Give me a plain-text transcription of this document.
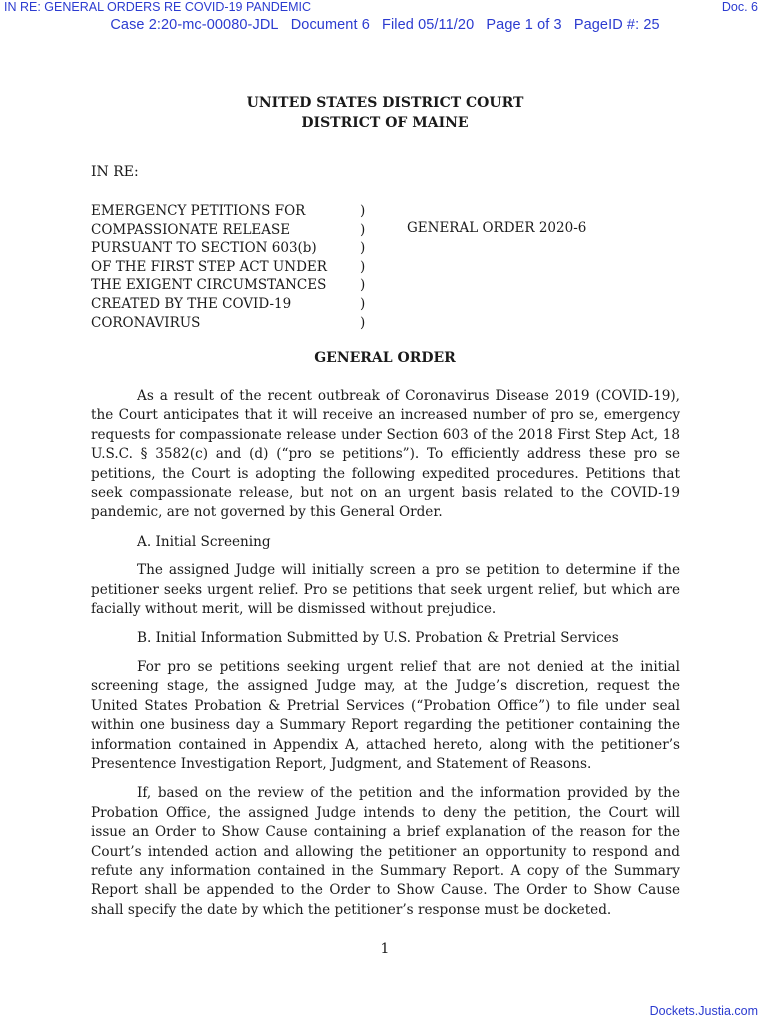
IN RE: GENERAL ORDERS RE COVID-19 PANDEMIC	Doc. 6
Case 2:20-mc-00080-JDL Document 6 Filed 05/11/20 Page 1 of 3 PageID #: 25
UNITED STATES DISTRICT COURT
DISTRICT OF MAINE
IN RE:
EMERGENCY PETITIONS FOR
COMPASSIONATE RELEASE
PURSUANT TO SECTION 603(b)
OF THE FIRST STEP ACT UNDER
THE EXIGENT CIRCUMSTANCES
CREATED BY THE COVID-19
CORONAVIRUS
)
)
)
)
)
)
)
GENERAL ORDER 2020-6
GENERAL ORDER

As a result of the recent outbreak of Coronavirus Disease 2019 (COVID-19), the Court anticipates that it will receive an increased number of pro se, emergency requests for compassionate release under Section 603 of the 2018 First Step Act, 18 U.S.C. § 3582(c) and (d) (“pro se petitions”). To efficiently address these pro se petitions, the Court is adopting the following expedited procedures. Petitions that seek compassionate release, but not on an urgent basis related to the COVID-19 pandemic, are not governed by this General Order.

A. Initial Screening

The assigned Judge will initially screen a pro se petition to determine if the petitioner seeks urgent relief. Pro se petitions that seek urgent relief, but which are facially without merit, will be dismissed without prejudice.

B. Initial Information Submitted by U.S. Probation & Pretrial Services

For pro se petitions seeking urgent relief that are not denied at the initial screening stage, the assigned Judge may, at the Judge’s discretion, request the United States Probation & Pretrial Services (“Probation Office”) to file under seal within one business day a Summary Report regarding the petitioner containing the information contained in Appendix A, attached hereto, along with the petitioner’s Presentence Investigation Report, Judgment, and Statement of Reasons.

If, based on the review of the petition and the information provided by the Probation Office, the assigned Judge intends to deny the petition, the Court will issue an Order to Show Cause containing a brief explanation of the reason for the Court’s intended action and allowing the petitioner an opportunity to respond and refute any information contained in the Summary Report. A copy of the Summary Report shall be appended to the Order to Show Cause. The Order to Show Cause shall specify the date by which the petitioner’s response must be docketed.

1
Dockets.Justia.com
